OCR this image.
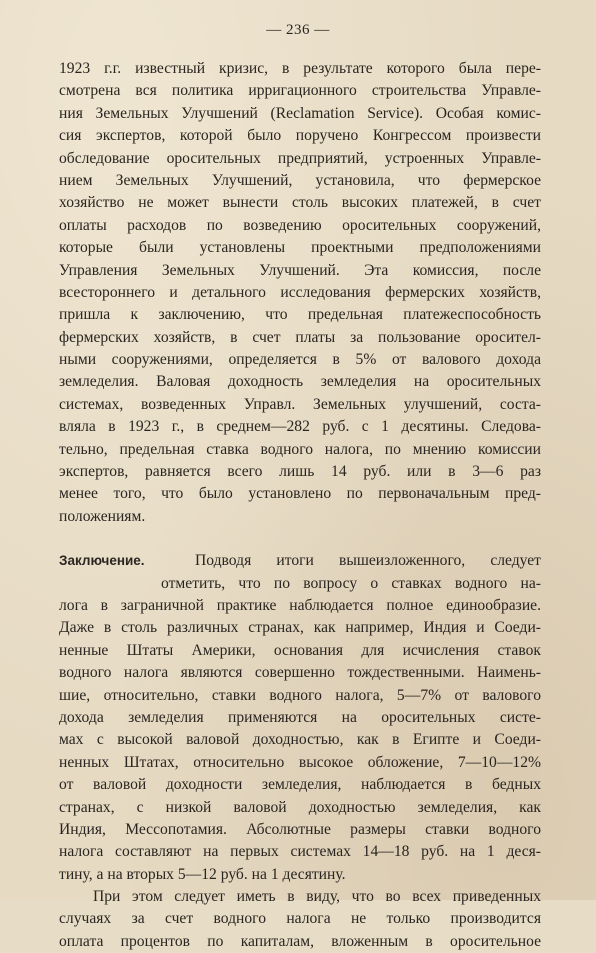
— 236 —
1923 г.г. известный кризис, в результате которого была пере-
смотрена вся политика ирригационного строительства Управле-
ния Земельных Улучшений (Reclamation Service). Особая комис-
сия экспертов, которой было поручено Конгрессом произвести
обследование оросительных предприятий, устроенных Управле-
нием Земельных Улучшений, установила, что фермерское
хозяйство не может вынести столь высоких платежей, в счет
оплаты расходов по возведению оросительных сооружений,
которые были установлены проектными предположениями
Управления Земельных Улучшений. Эта комиссия, после
всестороннего и детального исследования фермерских хозяйств,
пришла к заключению, что предельная платежеспособность
фермерских хозяйств, в счет платы за пользование оросител-
ными сооружениями, определяется в 5% от валового дохода
земледелия. Валовая доходность земледелия на оросительных
системах, возведенных Управл. Земельных улучшений, соста-
вляла в 1923 г., в среднем—282 руб. с 1 десятины. Следова-
тельно, предельная ставка водного налога, по мнению комиссии
экспертов, равняется всего лишь 14 руб. или в 3—6 раз
менее того, что было установлено по первоначальным пред-
положениям.
Заключение.	Подводя итоги вышеизложенного, следует
отметить, что по вопросу о ставках водного на-
лога в заграничной практике наблюдается полное единообразие.
Даже в столь различных странах, как например, Индия и Соеди-
ненные Штаты Америки, основания для исчисления ставок
водного налога являются совершенно тождественными. Наимень-
шие, относительно, ставки водного налога, 5—7% от валового
дохода земледелия применяются на оросительных систе-
мах с высокой валовой доходностью, как в Египте и Соеди-
ненных Штатах, относительно высокое обложение, 7—10—12%
от валовой доходности земледелия, наблюдается в бедных
странах, с низкой валовой доходностью земледелия, как
Индия, Мессопотамия. Абсолютные размеры ставки водного
налога составляют на первых системах 14—18 руб. на 1 деся-
тину, а на вторых 5—12 руб. на 1 десятину.
При этом следует иметь в виду, что во всех приведенных
случаях за счет водного налога не только производится
оплата процентов по капиталам, вложенным в оросительное
